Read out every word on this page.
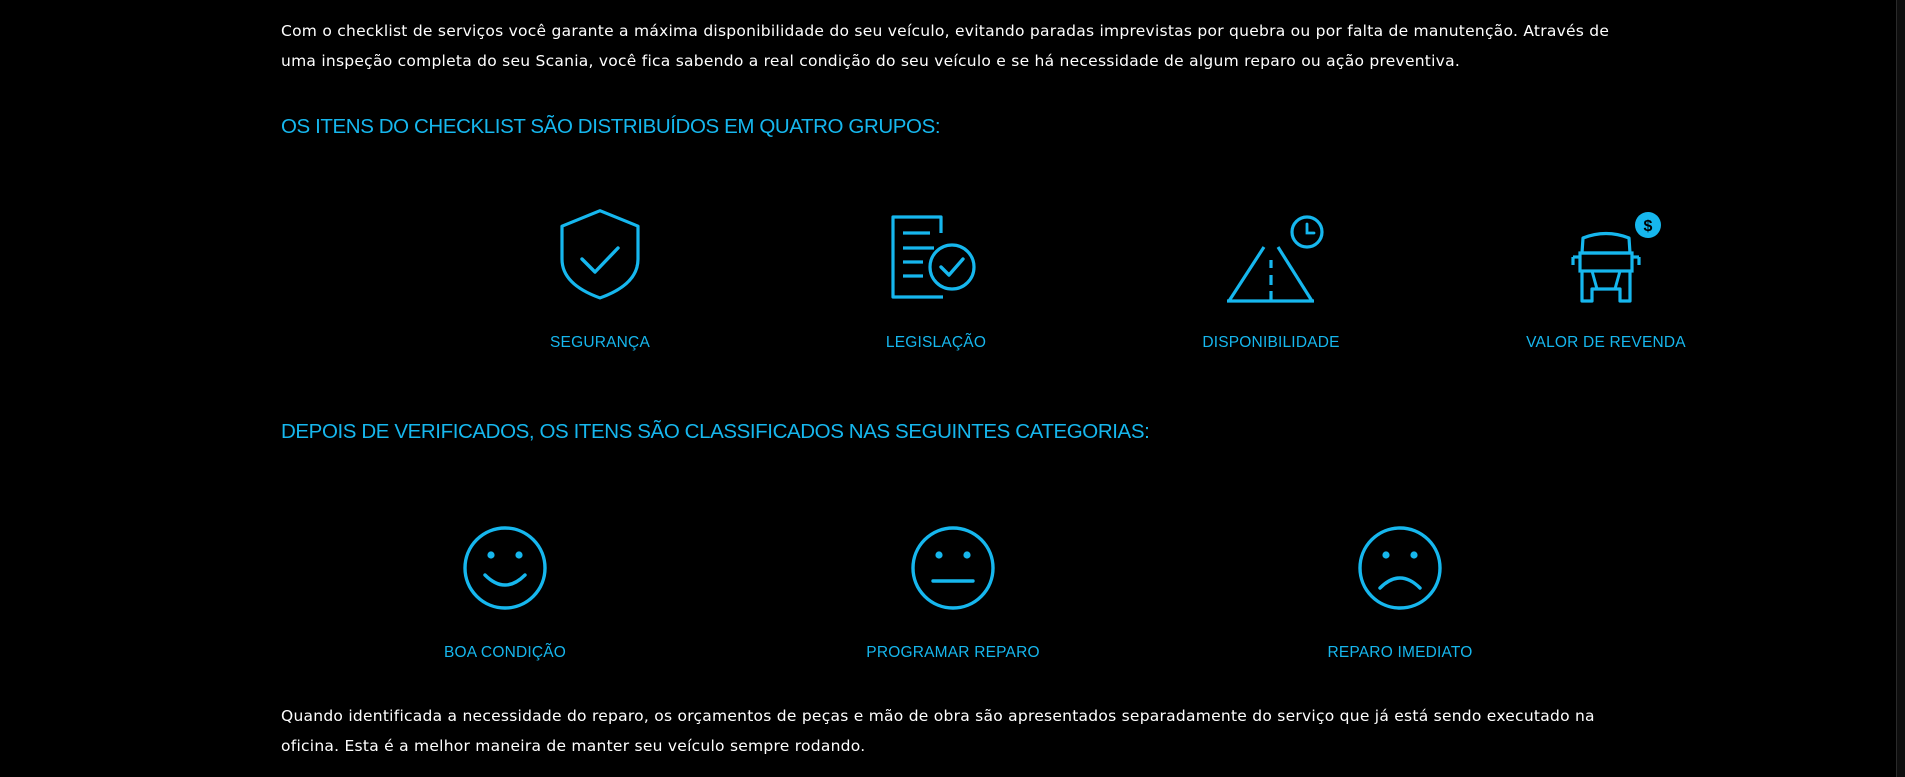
Com o checklist de serviços você garante a máxima disponibilidade do seu veículo, evitando paradas imprevistas por quebra ou por falta de manutenção. Através de
uma inspeção completa do seu Scania, você fica sabendo a real condição do seu veículo e se há necessidade de algum reparo ou ação preventiva.
OS ITENS DO CHECKLIST SÃO DISTRIBUÍDOS EM QUATRO GRUPOS:
SEGURANÇA	LEGISLAÇÃO	DISPONIBILIDADE
$
VALOR DE REVENDA
DEPOIS DE VERIFICADOS, OS ITENS SÃO CLASSIFICADOS NAS SEGUINTES CATEGORIAS:
BOA CONDIÇÃO	PROGRAMAR REPARO	REPARO IMEDIATO
Quando identificada a necessidade do reparo, os orçamentos de peças e mão de obra são apresentados separadamente do serviço que já está sendo executado na
oficina. Esta é a melhor maneira de manter seu veículo sempre rodando.
